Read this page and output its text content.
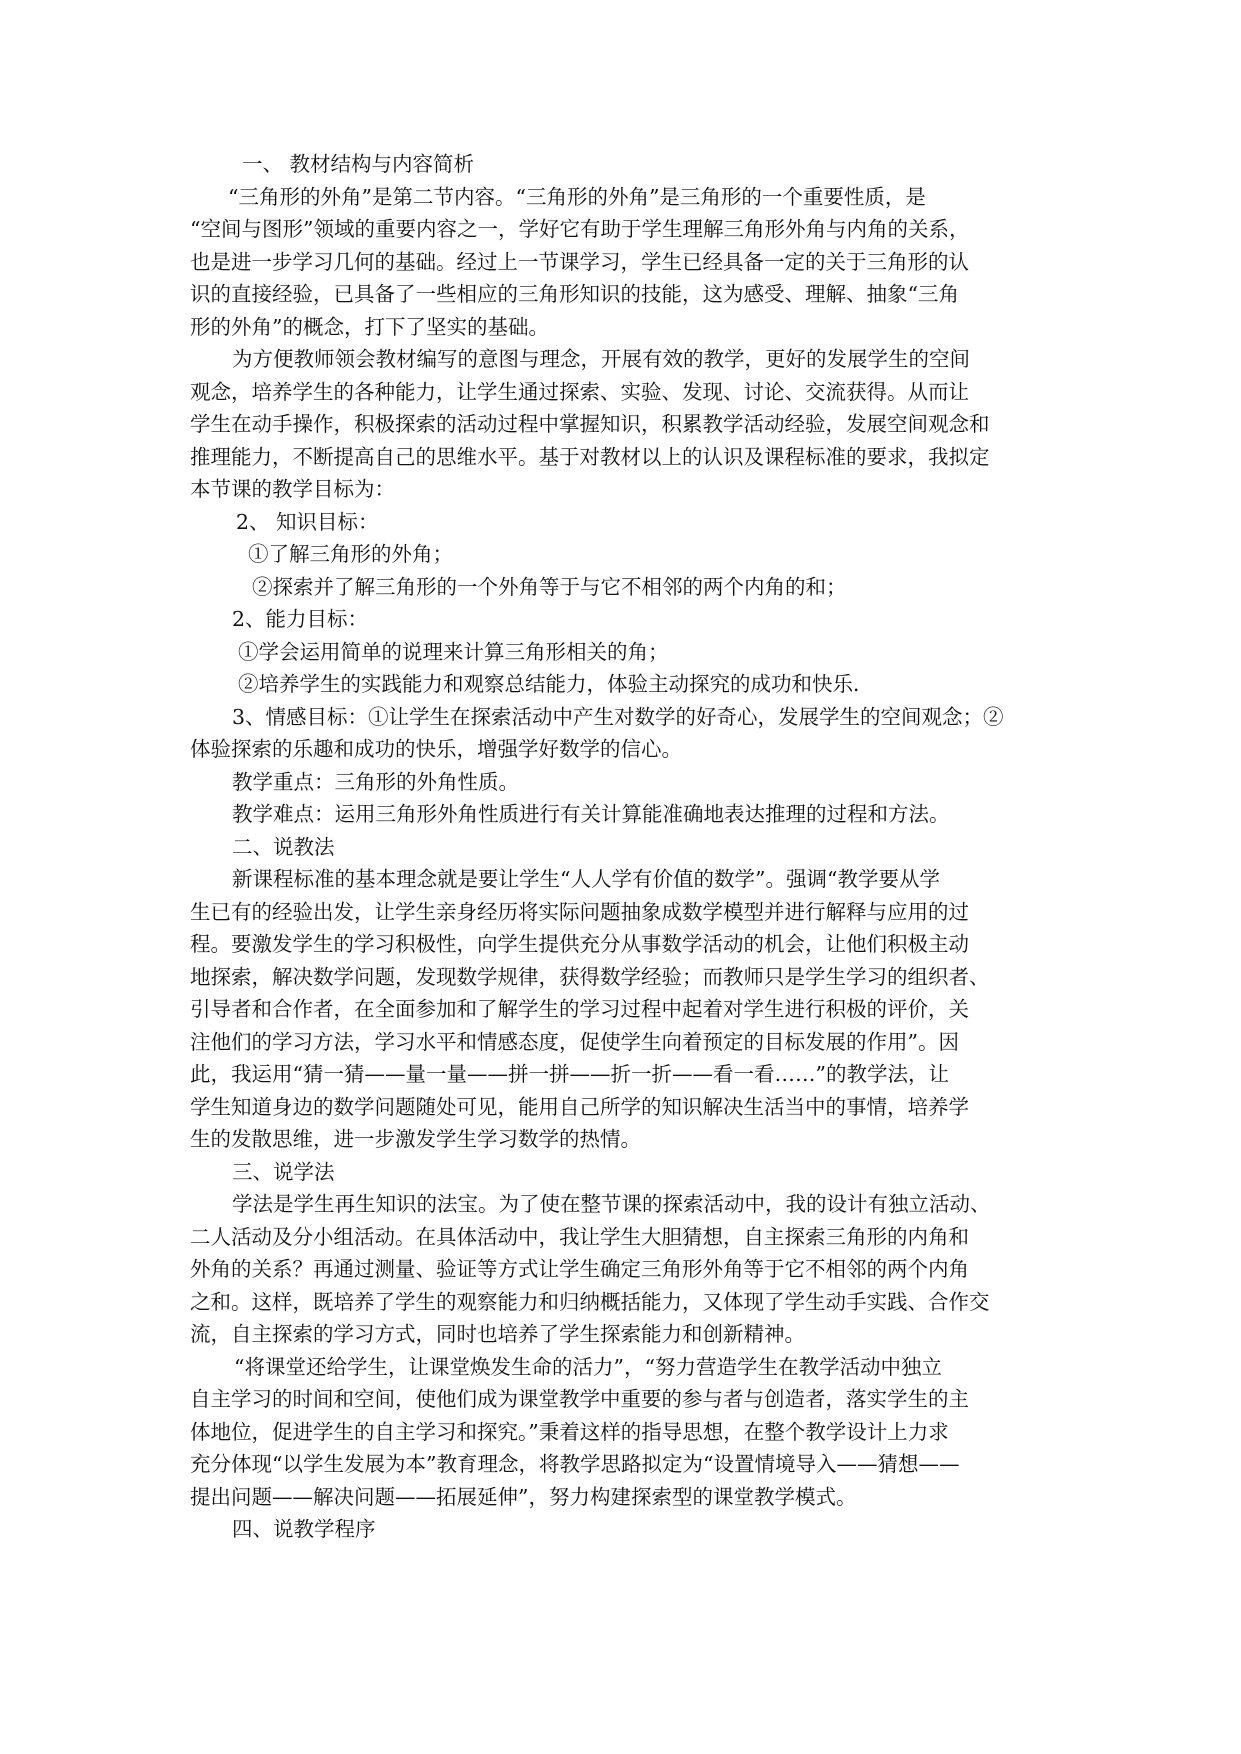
一、 教材结构与内容简析
“三角形的外角”是第二节内容。“三角形的外角”是三角形的一个重要性质，是
“空间与图形”领域的重要内容之一，学好它有助于学生理解三角形外角与内角的关系，
也是进一步学习几何的基础。经过上一节课学习，学生已经具备一定的关于三角形的认
识的直接经验，已具备了一些相应的三角形知识的技能，这为感受、理解、抽象“三角
形的外角”的概念，打下了坚实的基础。
为方便教师领会教材编写的意图与理念，开展有效的教学，更好的发展学生的空间
观念，培养学生的各种能力，让学生通过探索、实验、发现、讨论、交流获得。从而让
学生在动手操作，积极探索的活动过程中掌握知识，积累教学活动经验，发展空间观念和
推理能力，不断提高自己的思维水平。基于对教材以上的认识及课程标准的要求，我拟定
本节课的教学目标为：
2、 知识目标：
①了解三角形的外角；
②探索并了解三角形的一个外角等于与它不相邻的两个内角的和；
2、能力目标：
①学会运用简单的说理来计算三角形相关的角；
②培养学生的实践能力和观察总结能力，体验主动探究的成功和快乐．
3、情感目标：①让学生在探索活动中产生对数学的好奇心，发展学生的空间观念；②
体验探索的乐趣和成功的快乐，增强学好数学的信心。
教学重点：三角形的外角性质。
教学难点：运用三角形外角性质进行有关计算能准确地表达推理的过程和方法。
二、说教法
新课程标准的基本理念就是要让学生“人人学有价值的数学”。强调“教学要从学
生已有的经验出发，让学生亲身经历将实际问题抽象成数学模型并进行解释与应用的过
程。要激发学生的学习积极性，向学生提供充分从事数学活动的机会，让他们积极主动
地探索，解决数学问题，发现数学规律，获得数学经验；而教师只是学生学习的组织者、
引导者和合作者，在全面参加和了解学生的学习过程中起着对学生进行积极的评价，关
注他们的学习方法，学习水平和情感态度，促使学生向着预定的目标发展的作用”。因
此，我运用“猜一猜——量一量——拼一拼——折一折——看一看……”的教学法，让
学生知道身边的数学问题随处可见，能用自己所学的知识解决生活当中的事情，培养学
生的发散思维，进一步激发学生学习数学的热情。
三、说学法
学法是学生再生知识的法宝。为了使在整节课的探索活动中，我的设计有独立活动、
二人活动及分小组活动。在具体活动中，我让学生大胆猜想，自主探索三角形的内角和
外角的关系？再通过测量、验证等方式让学生确定三角形外角等于它不相邻的两个内角
之和。这样，既培养了学生的观察能力和归纳概括能力，又体现了学生动手实践、合作交
流，自主探索的学习方式，同时也培养了学生探索能力和创新精神。
“将课堂还给学生，让课堂焕发生命的活力”，“努力营造学生在教学活动中独立
自主学习的时间和空间，使他们成为课堂教学中重要的参与者与创造者，落实学生的主
体地位，促进学生的自主学习和探究。”秉着这样的指导思想，在整个教学设计上力求
充分体现“以学生发展为本”教育理念，将教学思路拟定为“设置情境导入——猜想——
提出问题——解决问题——拓展延伸”，努力构建探索型的课堂教学模式。
四、说教学程序
